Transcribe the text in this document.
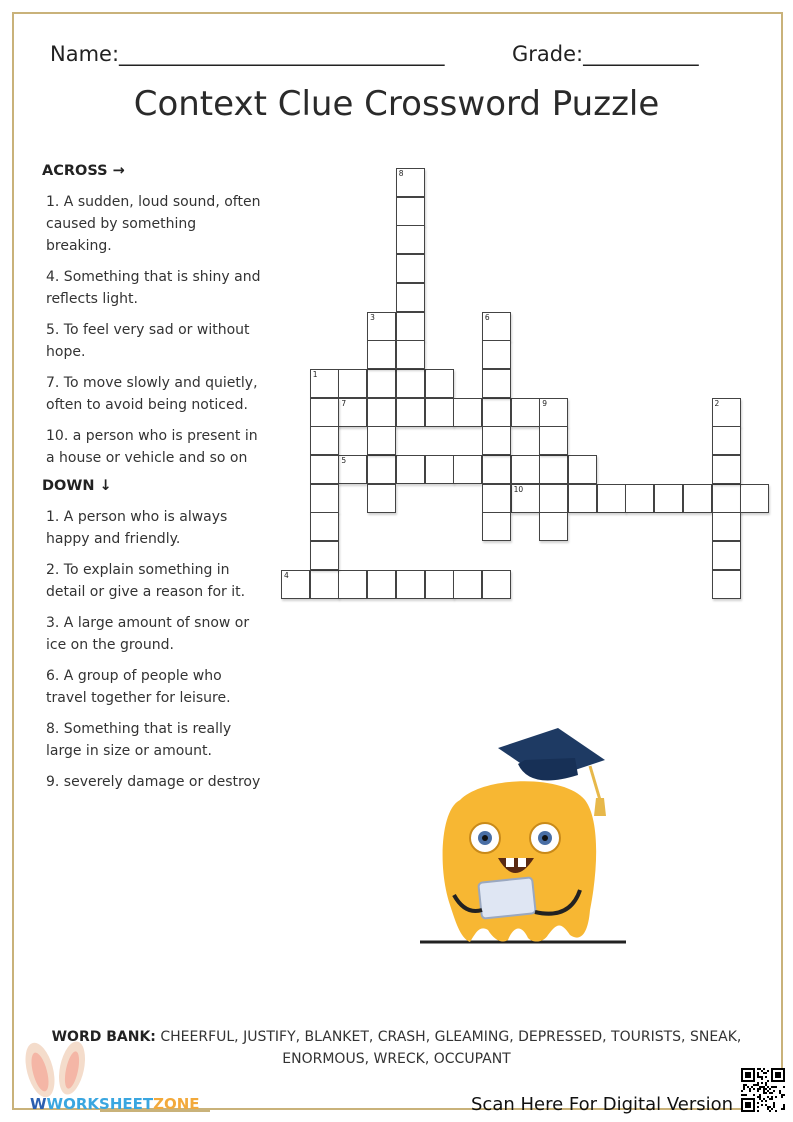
Name:_______________________________	Grade:___________
Context Clue Crossword Puzzle
ACROSS →
1. A sudden, loud sound, often caused by something breaking.
4. Something that is shiny and reflects light.
5. To feel very sad or without hope.
7. To move slowly and quietly, often to avoid being noticed.
10. a person who is present in a house or vehicle and so on
DOWN ↓
1. A person who is always happy and friendly.
2. To explain something in detail or give a reason for it.
3. A large amount of snow or ice on the ground.
6. A group of people who travel together for leisure.
8. Something that is really large in size or amount.
9. severely damage or destroy
1
4
5
7
10
2
3	6
8
9
WORD BANK: CHEERFUL, JUSTIFY, BLANKET, CRASH, GLEAMING, DEPRESSED, TOURISTS, SNEAK, ENORMOUS, WRECK, OCCUPANT
WWORKSHEETZONE	Scan Here For Digital Version
